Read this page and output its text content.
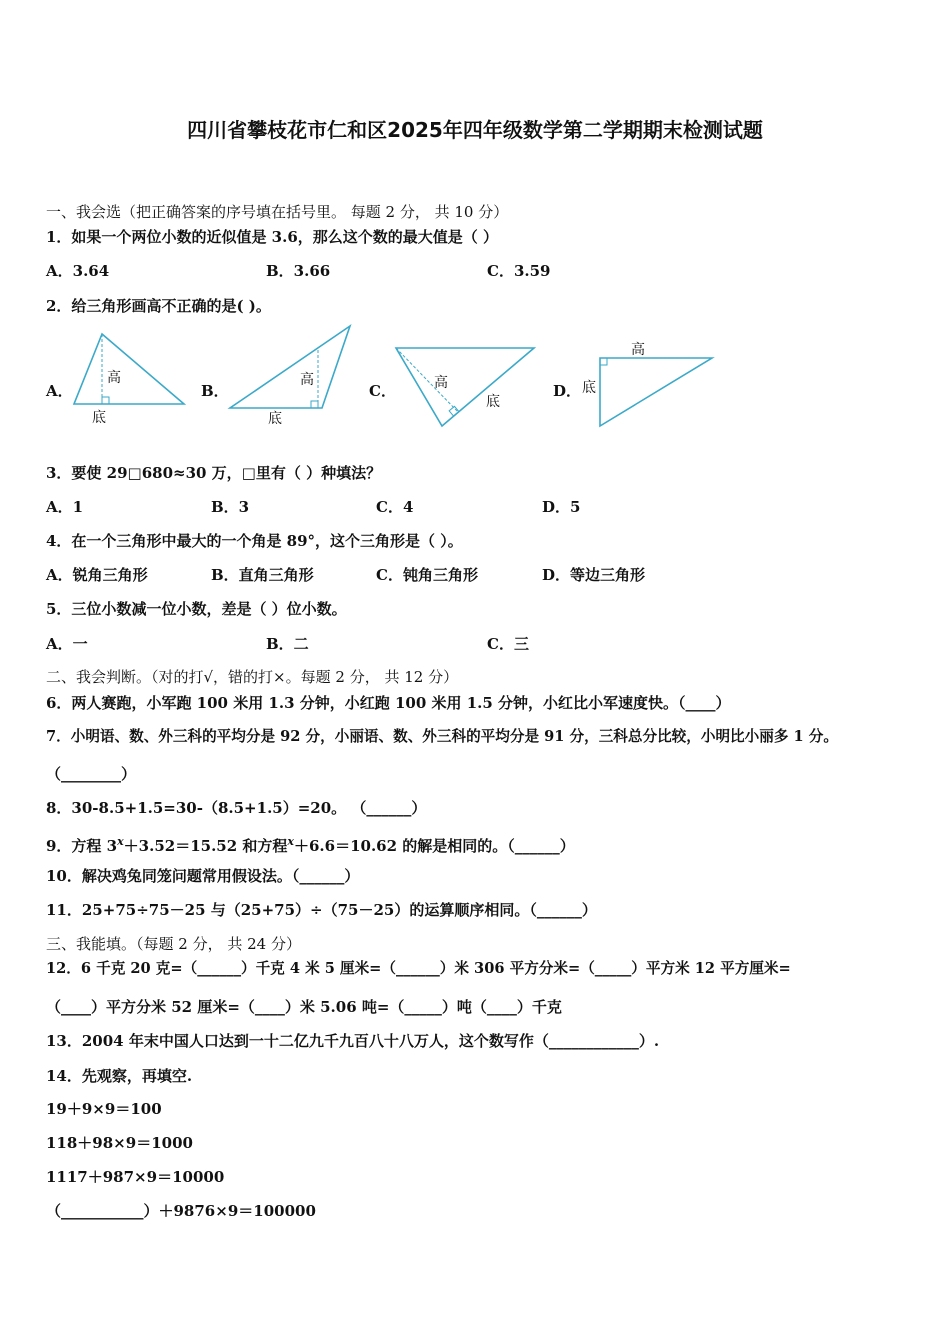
四川省攀枝花市仁和区2025年四年级数学第二学期期末检测试题
一、我会选（把正确答案的序号填在括号里。 每题 2 分， 共 10 分）
1．如果一个两位小数的近似值是 3.6，那么这个数的最大值是（ ）
A．3.64	B．3.66	C．3.59
2．给三角形画高不正确的是( )。
A．
高
底
B．
高
底
C．	高
底
D．
高
底
3．要使 29□680≈30 万，□里有（ ）种填法？
A．1	B．3	C．4	D．5
4．在一个三角形中最大的一个角是 89°，这个三角形是（ ）。
A．锐角三角形	B．直角三角形	C．钝角三角形	D．等边三角形
5．三位小数减一位小数，差是（ ）位小数。
A．一	B．二	C．三
二、我会判断。（对的打√，错的打×。每题 2 分， 共 12 分）
6．两人赛跑，小军跑 100 米用 1.3 分钟，小红跑 100 米用 1.5 分钟，小红比小军速度快。（____）
7．小明语、数、外三科的平均分是 92 分，小丽语、数、外三科的平均分是 91 分，三科总分比较，小明比小丽多 1 分。
（________）
8．30-8.5+1.5=30-（8.5+1.5）=20。 （______）
9．方程 $3^x+3.52=15.52$ 和方程$^x$＋6.6＝10.62 的解是相同的。（______）
10．解决鸡兔同笼问题常用假设法。（______）
11．25+75÷75－25 与（25+75）÷（75－25）的运算顺序相同。（______）
三、我能填。（每题 2 分， 共 24 分）
12．6 千克 20 克=（______）千克 4 米 5 厘米=（______）米 306 平方分米=（_____）平方米 12 平方厘米=
（____）平方分米 52 厘米=（____）米 5.06 吨=（_____）吨（____）千克
13．2004 年末中国人口达到一十二亿九千九百八十八万人，这个数写作（____________）.
14．先观察，再填空.
19＋9×9＝100
118＋98×9＝1000
1117＋987×9＝10000
（___________）＋9876×9＝100000
